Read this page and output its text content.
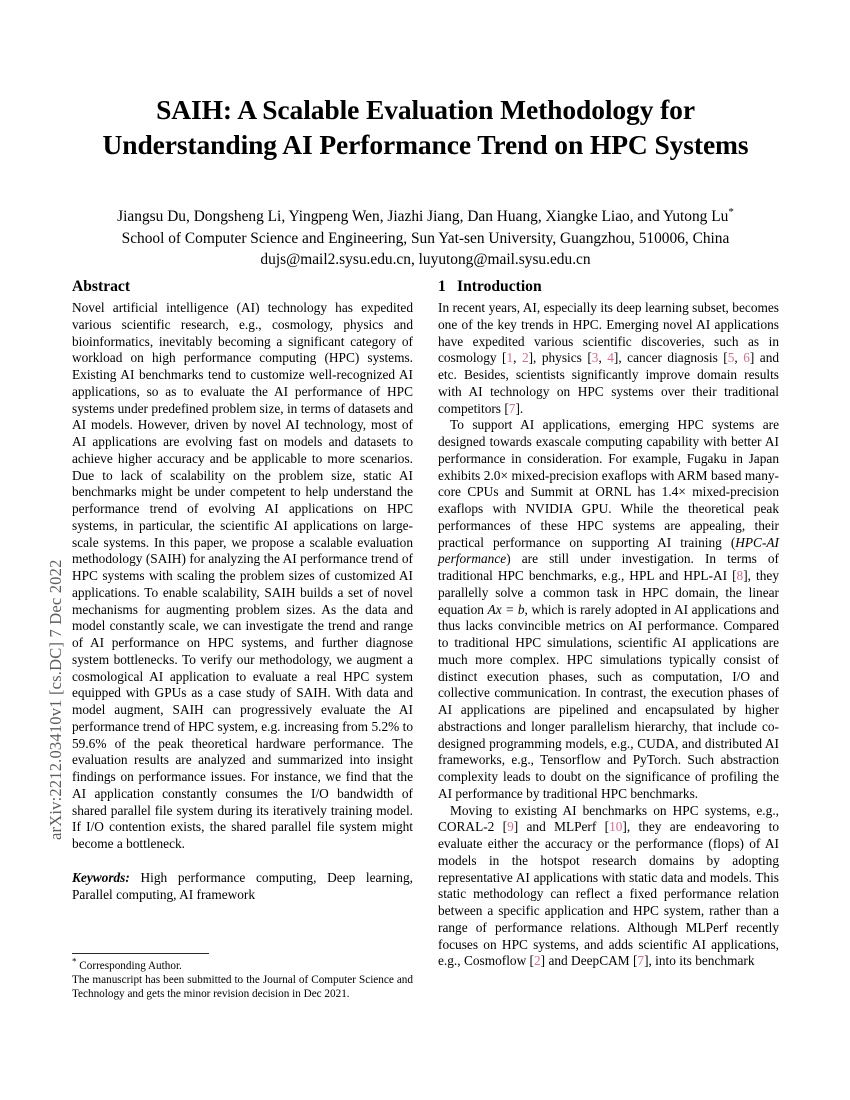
arXiv:2212.03410v1 [cs.DC] 7 Dec 2022
SAIH: A Scalable Evaluation Methodology for Understanding AI Performance Trend on HPC Systems
Jiangsu Du, Dongsheng Li, Yingpeng Wen, Jiazhi Jiang, Dan Huang, Xiangke Liao, and Yutong Lu*
School of Computer Science and Engineering, Sun Yat-sen University, Guangzhou, 510006, China
dujs@mail2.sysu.edu.cn, luyutong@mail.sysu.edu.cn
Abstract

Novel artificial intelligence (AI) technology has expedited various scientific research, e.g., cosmology, physics and bioinformatics, inevitably becoming a significant category of workload on high performance computing (HPC) systems. Existing AI benchmarks tend to customize well-recognized AI applications, so as to evaluate the AI performance of HPC systems under predefined problem size, in terms of datasets and AI models. However, driven by novel AI technology, most of AI applications are evolving fast on models and datasets to achieve higher accuracy and be applicable to more scenarios. Due to lack of scalability on the problem size, static AI benchmarks might be under competent to help understand the performance trend of evolving AI applications on HPC systems, in particular, the scientific AI applications on large-scale systems. In this paper, we propose a scalable evaluation methodology (SAIH) for analyzing the AI performance trend of HPC systems with scaling the problem sizes of customized AI applications. To enable scalability, SAIH builds a set of novel mechanisms for augmenting problem sizes. As the data and model constantly scale, we can investigate the trend and range of AI performance on HPC systems, and further diagnose system bottlenecks. To verify our methodology, we augment a cosmological AI application to evaluate a real HPC system equipped with GPUs as a case study of SAIH. With data and model augment, SAIH can progressively evaluate the AI performance trend of HPC system, e.g. increasing from 5.2% to 59.6% of the peak theoretical hardware performance. The evaluation results are analyzed and summarized into insight findings on performance issues. For instance, we find that the AI application constantly consumes the I/O bandwidth of shared parallel file system during its iteratively training model. If I/O contention exists, the shared parallel file system might become a bottleneck.

Keywords: High performance computing, Deep learning, Parallel computing, AI framework

1 Introduction

In recent years, AI, especially its deep learning subset, becomes one of the key trends in HPC. Emerging novel AI applications have expedited various scientific discoveries, such as in cosmology [1, 2], physics [3, 4], cancer diagnosis [5, 6] and etc. Besides, scientists significantly improve domain results with AI technology on HPC systems over their traditional competitors [7].

To support AI applications, emerging HPC systems are designed towards exascale computing capability with better AI performance in consideration. For example, Fugaku in Japan exhibits 2.0× mixed-precision exaflops with ARM based many-core CPUs and Summit at ORNL has 1.4× mixed-precision exaflops with NVIDIA GPU. While the theoretical peak performances of these HPC systems are appealing, their practical performance on supporting AI training (HPC-AI performance) are still under investigation. In terms of traditional HPC benchmarks, e.g., HPL and HPL-AI [8], they parallelly solve a common task in HPC domain, the linear equation Ax = b, which is rarely adopted in AI applications and thus lacks convincible metrics on AI performance. Compared to traditional HPC simulations, scientific AI applications are much more complex. HPC simulations typically consist of distinct execution phases, such as computation, I/O and collective communication. In contrast, the execution phases of AI applications are pipelined and encapsulated by higher abstractions and longer parallelism hierarchy, that include co-designed programming models, e.g., CUDA, and distributed AI frameworks, e.g., Tensorflow and PyTorch. Such abstraction complexity leads to doubt on the significance of profiling the AI performance by traditional HPC benchmarks.

Moving to existing AI benchmarks on HPC systems, e.g., CORAL-2 [9] and MLPerf [10], they are endeavoring to evaluate either the accuracy or the performance (flops) of AI models in the hotspot research domains by adopting representative AI applications with static data and models. This static methodology can reflect a fixed performance relation between a specific application and HPC system, rather than a range of performance relations. Although MLPerf recently focuses on HPC systems, and adds scientific AI applications, e.g., Cosmoflow [2] and DeepCAM [7], into its benchmark

* Corresponding Author.

The manuscript has been submitted to the Journal of Computer Science and Technology and gets the minor revision decision in Dec 2021.
